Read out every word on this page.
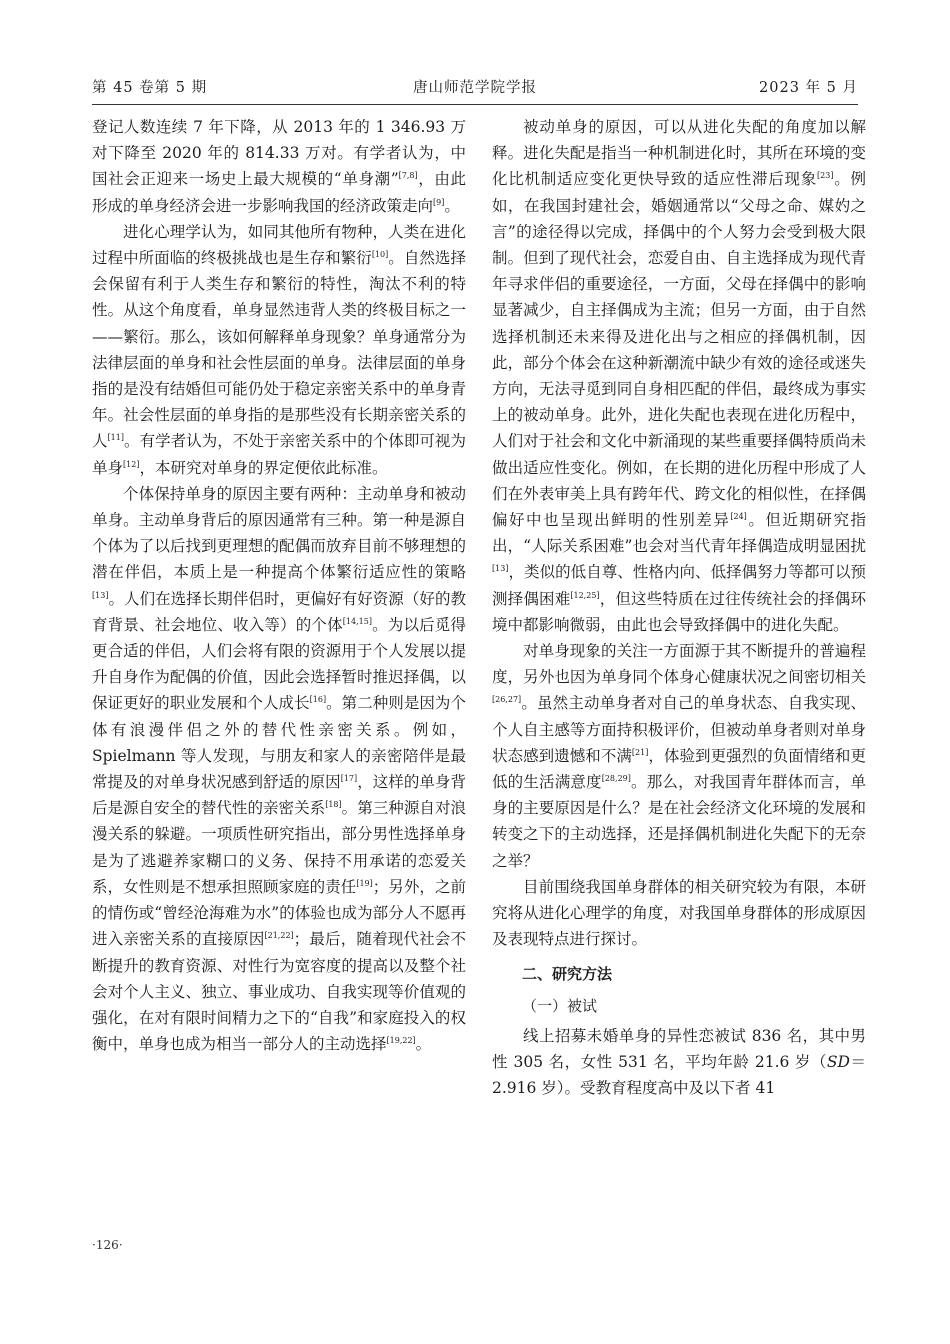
第 45 卷第 5 期	唐山师范学院学报	2023 年 5 月

登记人数连续 7 年下降，从 2013 年的 1 346.93 万对下降至 2020 年的 814.33 万对。有学者认为，中国社会正迎来一场史上最大规模的“单身潮”[7,8]，由此形成的单身经济会进一步影响我国的经济政策走向[9]。

进化心理学认为，如同其他所有物种，人类在进化过程中所面临的终极挑战也是生存和繁衍[10]。自然选择会保留有利于人类生存和繁衍的特性，淘汰不利的特性。从这个角度看，单身显然违背人类的终极目标之一——繁衍。那么，该如何解释单身现象？单身通常分为法律层面的单身和社会性层面的单身。法律层面的单身指的是没有结婚但可能仍处于稳定亲密关系中的单身青年。社会性层面的单身指的是那些没有长期亲密关系的人[11]。有学者认为，不处于亲密关系中的个体即可视为单身[12]，本研究对单身的界定便依此标准。

个体保持单身的原因主要有两种：主动单身和被动单身。主动单身背后的原因通常有三种。第一种是源自个体为了以后找到更理想的配偶而放弃目前不够理想的潜在伴侣，本质上是一种提高个体繁衍适应性的策略[13]。人们在选择长期伴侣时，更偏好有好资源（好的教育背景、社会地位、收入等）的个体[14,15]。为以后觅得更合适的伴侣，人们会将有限的资源用于个人发展以提升自身作为配偶的价值，因此会选择暂时推迟择偶，以保证更好的职业发展和个人成长[16]。第二种则是因为个体有浪漫伴侣之外的替代性亲密关系。例如，Spielmann 等人发现，与朋友和家人的亲密陪伴是最常提及的对单身状况感到舒适的原因[17]，这样的单身背后是源自安全的替代性的亲密关系[18]。第三种源自对浪漫关系的躲避。一项质性研究指出，部分男性选择单身是为了逃避养家糊口的义务、保持不用承诺的恋爱关系，女性则是不想承担照顾家庭的责任[19]；另外，之前的情伤或“曾经沧海难为水”的体验也成为部分人不愿再进入亲密关系的直接原因[21,22]；最后，随着现代社会不断提升的教育资源、对性行为宽容度的提高以及整个社会对个人主义、独立、事业成功、自我实现等价值观的强化，在对有限时间精力之下的“自我”和家庭投入的权衡中，单身也成为相当一部分人的主动选择[19,22]。

被动单身的原因，可以从进化失配的角度加以解释。进化失配是指当一种机制进化时，其所在环境的变化比机制适应变化更快导致的适应性滞后现象[23]。例如，在我国封建社会，婚姻通常以“父母之命、媒妁之言”的途径得以完成，择偶中的个人努力会受到极大限制。但到了现代社会，恋爱自由、自主选择成为现代青年寻求伴侣的重要途径，一方面，父母在择偶中的影响显著减少，自主择偶成为主流；但另一方面，由于自然选择机制还未来得及进化出与之相应的择偶机制，因此，部分个体会在这种新潮流中缺少有效的途径或迷失方向，无法寻觅到同自身相匹配的伴侣，最终成为事实上的被动单身。此外，进化失配也表现在进化历程中，人们对于社会和文化中新涌现的某些重要择偶特质尚未做出适应性变化。例如，在长期的进化历程中形成了人们在外表审美上具有跨年代、跨文化的相似性，在择偶偏好中也呈现出鲜明的性别差异[24]。但近期研究指出，“人际关系困难”也会对当代青年择偶造成明显困扰[13]，类似的低自尊、性格内向、低择偶努力等都可以预测择偶困难[12,25]，但这些特质在过往传统社会的择偶环境中都影响微弱，由此也会导致择偶中的进化失配。

对单身现象的关注一方面源于其不断提升的普遍程度，另外也因为单身同个体身心健康状况之间密切相关[26,27]。虽然主动单身者对自己的单身状态、自我实现、个人自主感等方面持积极评价，但被动单身者则对单身状态感到遗憾和不满[21]，体验到更强烈的负面情绪和更低的生活满意度[28,29]。那么，对我国青年群体而言，单身的主要原因是什么？是在社会经济文化环境的发展和转变之下的主动选择，还是择偶机制进化失配下的无奈之举？

目前围绕我国单身群体的相关研究较为有限，本研究将从进化心理学的角度，对我国单身群体的形成原因及表现特点进行探讨。

二、研究方法
（一）被试

线上招募未婚单身的异性恋被试 836 名，其中男性 305 名，女性 531 名，平均年龄 21.6 岁（SD＝2.916 岁）。受教育程度高中及以下者 41

·126·
